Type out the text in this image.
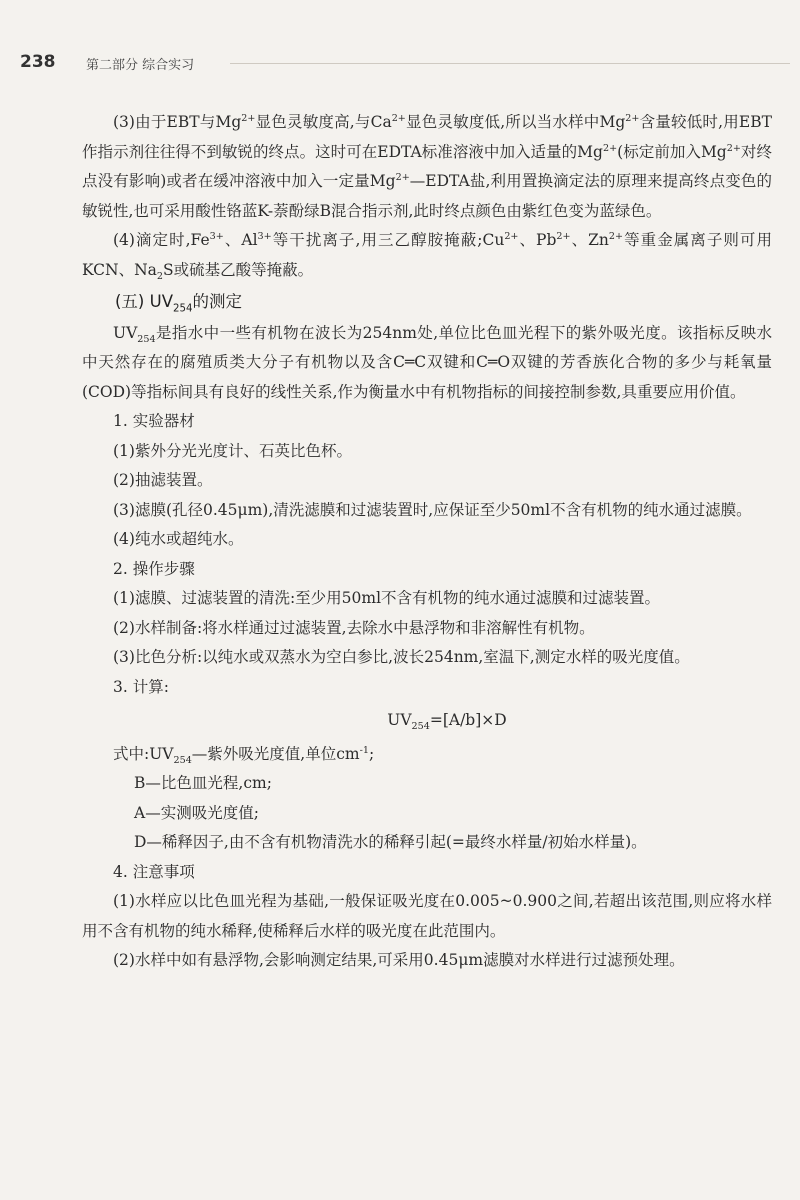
238 第二部分 综合实习

(3)由于EBT与$Mg^{2+}$显色灵敏度高,与$Ca^{2+}$显色灵敏度低,所以当水样中$Mg^{2+}$含量较低时,用EBT作指示剂往往得不到敏锐的终点。这时可在EDTA标准溶液中加入适量的$Mg^{2+}$(标定前加入$Mg^{2+}$对终点没有影响)或者在缓冲溶液中加入一定量$Mg^{2+}—EDTA$盐,利用置换滴定法的原理来提高终点变色的敏锐性,也可采用酸性铬蓝K-萘酚绿B混合指示剂,此时终点颜色由紫红色变为蓝绿色。

(4)滴定时$,Fe^{3+}$、$Al^{3+}$等干扰离子,用三乙醇胺掩蔽$;Cu^{2+}$、$Pb^{2+}$、$Zn^{2+}$等重金属离子则可用KCN、$Na_2S$或硫基乙酸等掩蔽。

(五) $UV_{254}$的测定

$UV_{254}$是指水中一些有机物在波长为254nm处,单位比色皿光程下的紫外吸光度。该指标反映水中天然存在的腐殖质类大分子有机物以及含C═C双键和C═O双键的芳香族化合物的多少与耗氧量(COD)等指标间具有良好的线性关系,作为衡量水中有机物指标的间接控制参数,具重要应用价值。

1. 实验器材

(1)紫外分光光度计、石英比色杯。

(2)抽滤装置。

(3)滤膜(孔径0.45μm),清洗滤膜和过滤装置时,应保证至少50ml不含有机物的纯水通过滤膜。

(4)纯水或超纯水。

2. 操作步骤

(1)滤膜、过滤装置的清洗:至少用50ml不含有机物的纯水通过滤膜和过滤装置。

(2)水样制备:将水样通过过滤装置,去除水中悬浮物和非溶解性有机物。

(3)比色分析:以纯水或双蒸水为空白参比,波长254nm,室温下,测定水样的吸光度值。

3. 计算:

$UV_{254}=[A/b]\times D$

式中$:UV_{254}—$紫外吸光度值,单位$cm^{-1}$;

B—比色皿光程,cm;

A—实测吸光度值;

D—稀释因子,由不含有机物清洗水的稀释引起(=最终水样量/初始水样量)。

4. 注意事项

(1)水样应以比色皿光程为基础,一般保证吸光度在0.005~0.900之间,若超出该范围,则应将水样用不含有机物的纯水稀释,使稀释后水样的吸光度在此范围内。

(2)水样中如有悬浮物,会影响测定结果,可采用0.45μm滤膜对水样进行过滤预处理。
